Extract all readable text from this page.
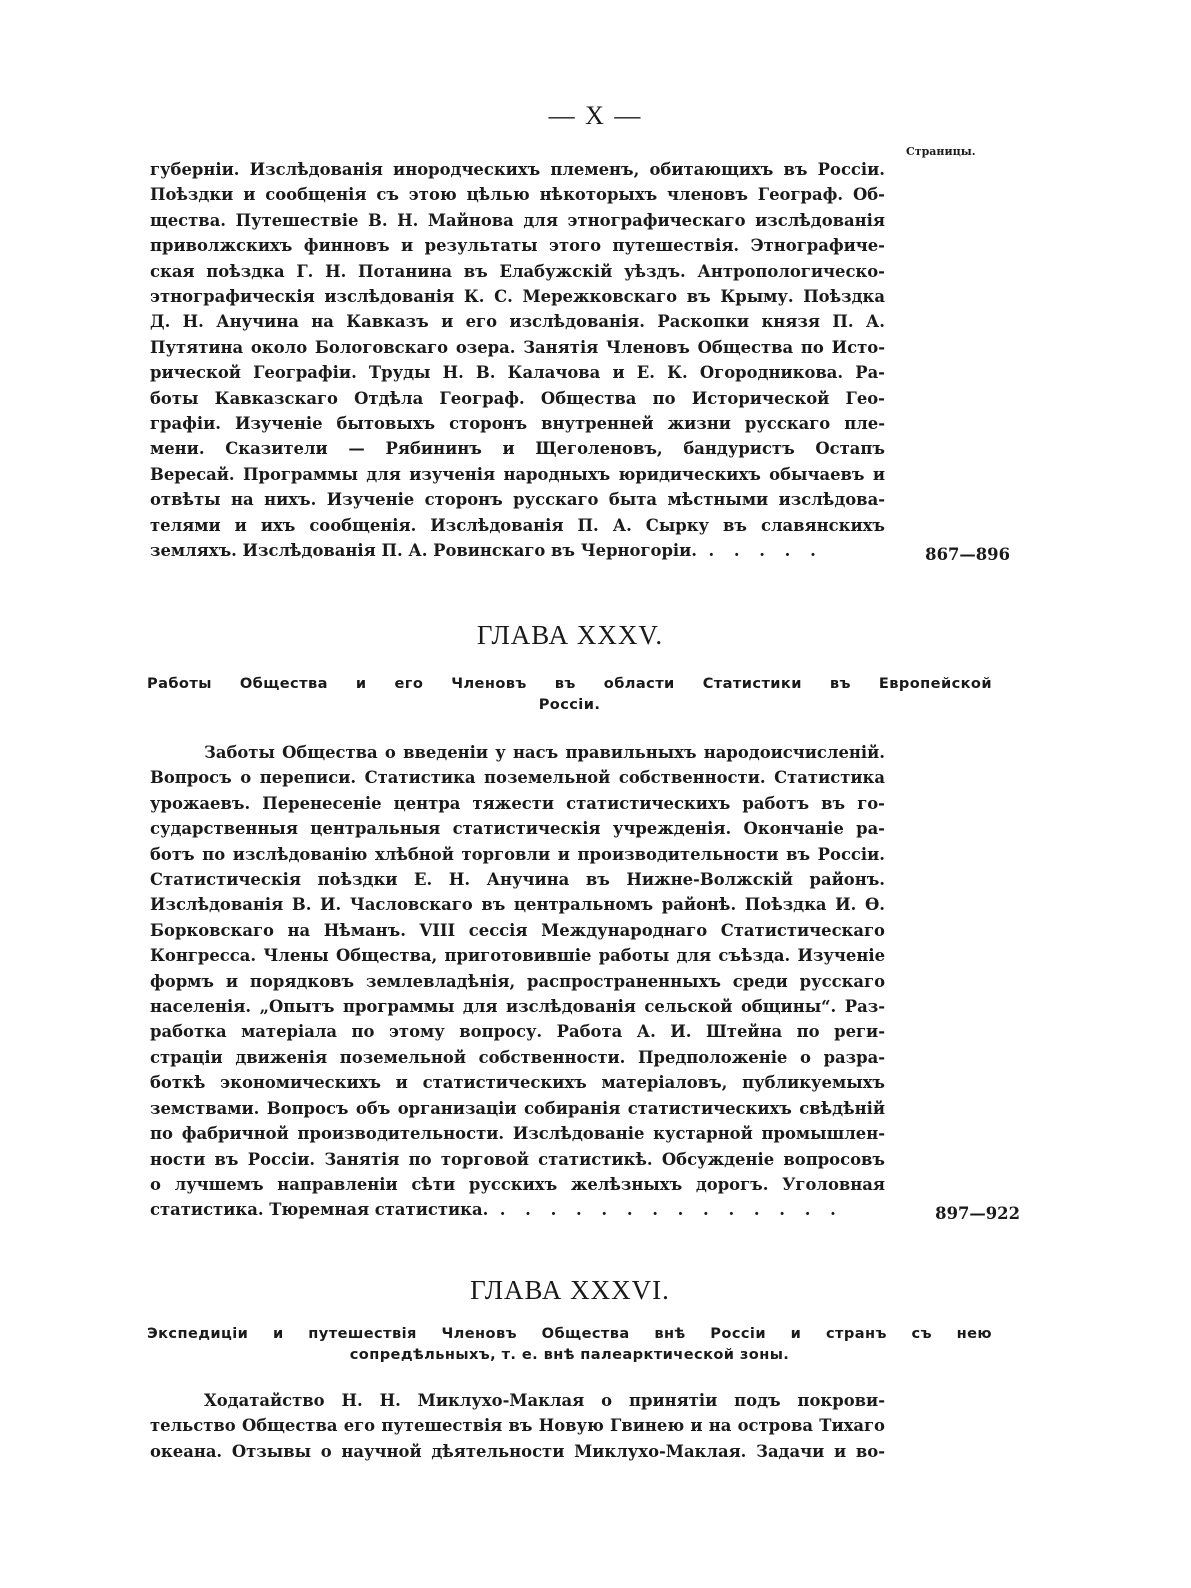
— X —
Страницы.

губернiи. Изслѣдованiя инородческихъ племенъ, обитающихъ въ Россiи.
Поѣздки и сообщенiя съ этою цѣлью нѣкоторыхъ членовъ Географ. Об-
щества. Путешествiе В. Н. Майнова для этнографическаго изслѣдованiя
приволжскихъ финновъ и результаты этого путешествiя. Этнографиче-
ская поѣздка Г. Н. Потанина въ Елабужскiй уѣздъ. Антропологическо-
этнографическiя изслѣдованiя К. С. Мережковскаго въ Крыму. Поѣздка
Д. Н. Анучина на Кавказъ и его изслѣдованiя. Раскопки князя П. А.
Путятина около Бологовскаго озера. Занятiя Членовъ Общества по Исто-
рической Географiи. Труды Н. В. Калачова и Е. К. Огородникова. Ра-
боты Кавказскаго Отдѣла Географ. Общества по Исторической Гео-
графiи. Изученiе бытовыхъ сторонъ внутренней жизни русскаго пле-
мени. Сказители — Рябининъ и Щеголеновъ, бандуристъ Остапъ
Вересай. Программы для изученiя народныхъ юридическихъ обычаевъ и
отвѣты на нихъ. Изученiе сторонъ русскаго быта мѣстными изслѣдова-
телями и ихъ сообщенiя. Изслѣдованiя П. А. Сырку въ славянскихъ
земляхъ. Изслѣдованiя П. А. Ровинскаго въ Черногорiи. . . . . .	867—896
ГЛАВА XXXV.
Работы Общества и его Членовъ въ области Статистики въ Европейской
Россiи.

Заботы Общества о введенiи у насъ правильныхъ народоисчисленiй.
Вопросъ о переписи. Статистика поземельной собственности. Статистика
урожаевъ. Перенесенiе центра тяжести статистическихъ работъ въ го-
сударственныя центральныя статистическiя учрежденiя. Окончанiе ра-
ботъ по изслѣдованiю хлѣбной торговли и производительности въ Россiи.
Статистическiя поѣздки Е. Н. Анучина въ Нижне-Волжскiй районъ.
Изслѣдованiя В. И. Часловскаго въ центральномъ районѣ. Поѣздка И. Ѳ.
Борковскаго на Нѣманъ. VIII сессiя Международнаго Статистическаго
Конгресса. Члены Общества, приготовившiе работы для съѣзда. Изученiе
формъ и порядковъ землевладѣнiя, распространенныхъ среди русскаго
населенiя. „Опытъ программы для изслѣдованiя сельской общины“. Раз-
работка матерiала по этому вопросу. Работа А. И. Штейна по реги-
страцiи движенiя поземельной собственности. Предположенiе о разра-
боткѣ экономическихъ и статистическихъ матерiаловъ, публикуемыхъ
земствами. Вопросъ объ организацiи собиранiя статистическихъ свѣдѣнiй
по фабричной производительности. Изслѣдованiе кустарной промышлен-
ности въ Россiи. Занятiя по торговой статистикѣ. Обсужденiе вопросовъ
о лучшемъ направленiи сѣти русскихъ желѣзныхъ дорогъ. Уголовная
статистика. Тюремная статистика. . . . . . . . . . . . . . .	897—922
ГЛАВА XXXVI.
Экспедицiи и путешествiя Членовъ Общества внѣ Россiи и странъ съ нею
сопредѣльныхъ, т. е. внѣ палеарктической зоны.

Ходатайство Н. Н. Миклухо-Маклая о принятiи подъ покрови-
тельство Общества его путешествiя въ Новую Гвинею и на острова Тихаго
океана. Отзывы о научной дѣятельности Миклухо-Маклая. Задачи и во-
